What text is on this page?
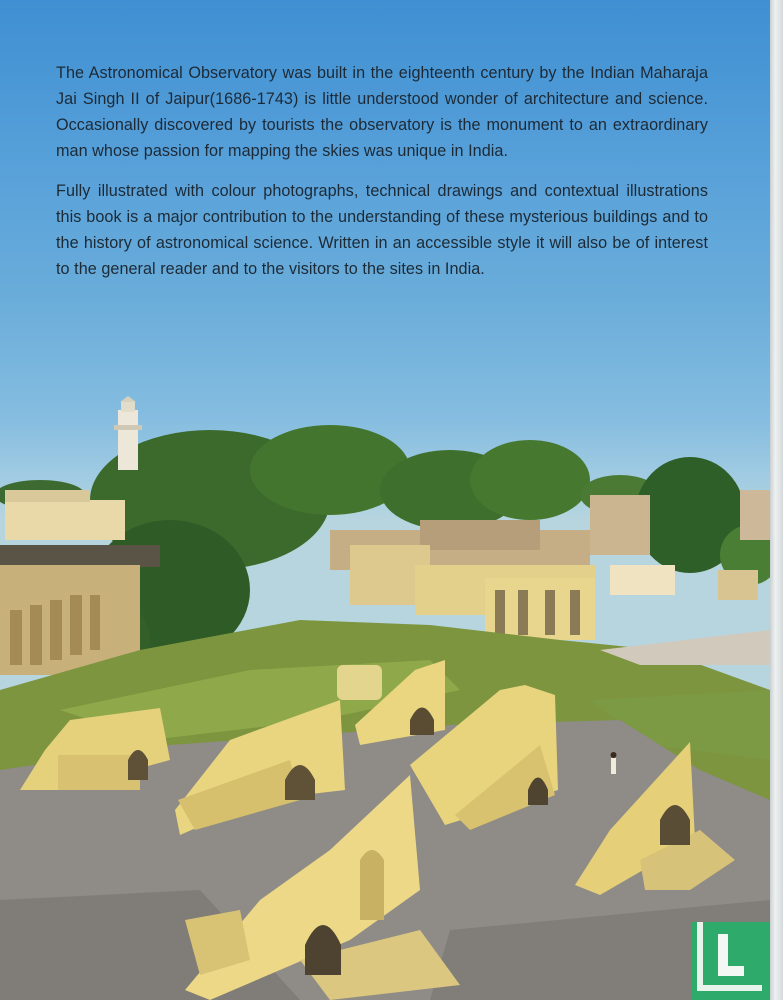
The Astronomical Observatory was built in the eighteenth century by the Indian Maharaja Jai Singh II of Jaipur(1686-1743) is little understood wonder of architecture and science. Occasionally discovered by tourists the observatory is the monument to an extraordinary man whose passion for mapping the skies was unique in India.

Fully illustrated with colour photographs, technical drawings and contextual illustrations this book is a major contribution to the understanding of these mysterious buildings and to the history of astronomical science. Written in an accessible style it will also be of interest to the general reader and to the visitors to the sites in India.
